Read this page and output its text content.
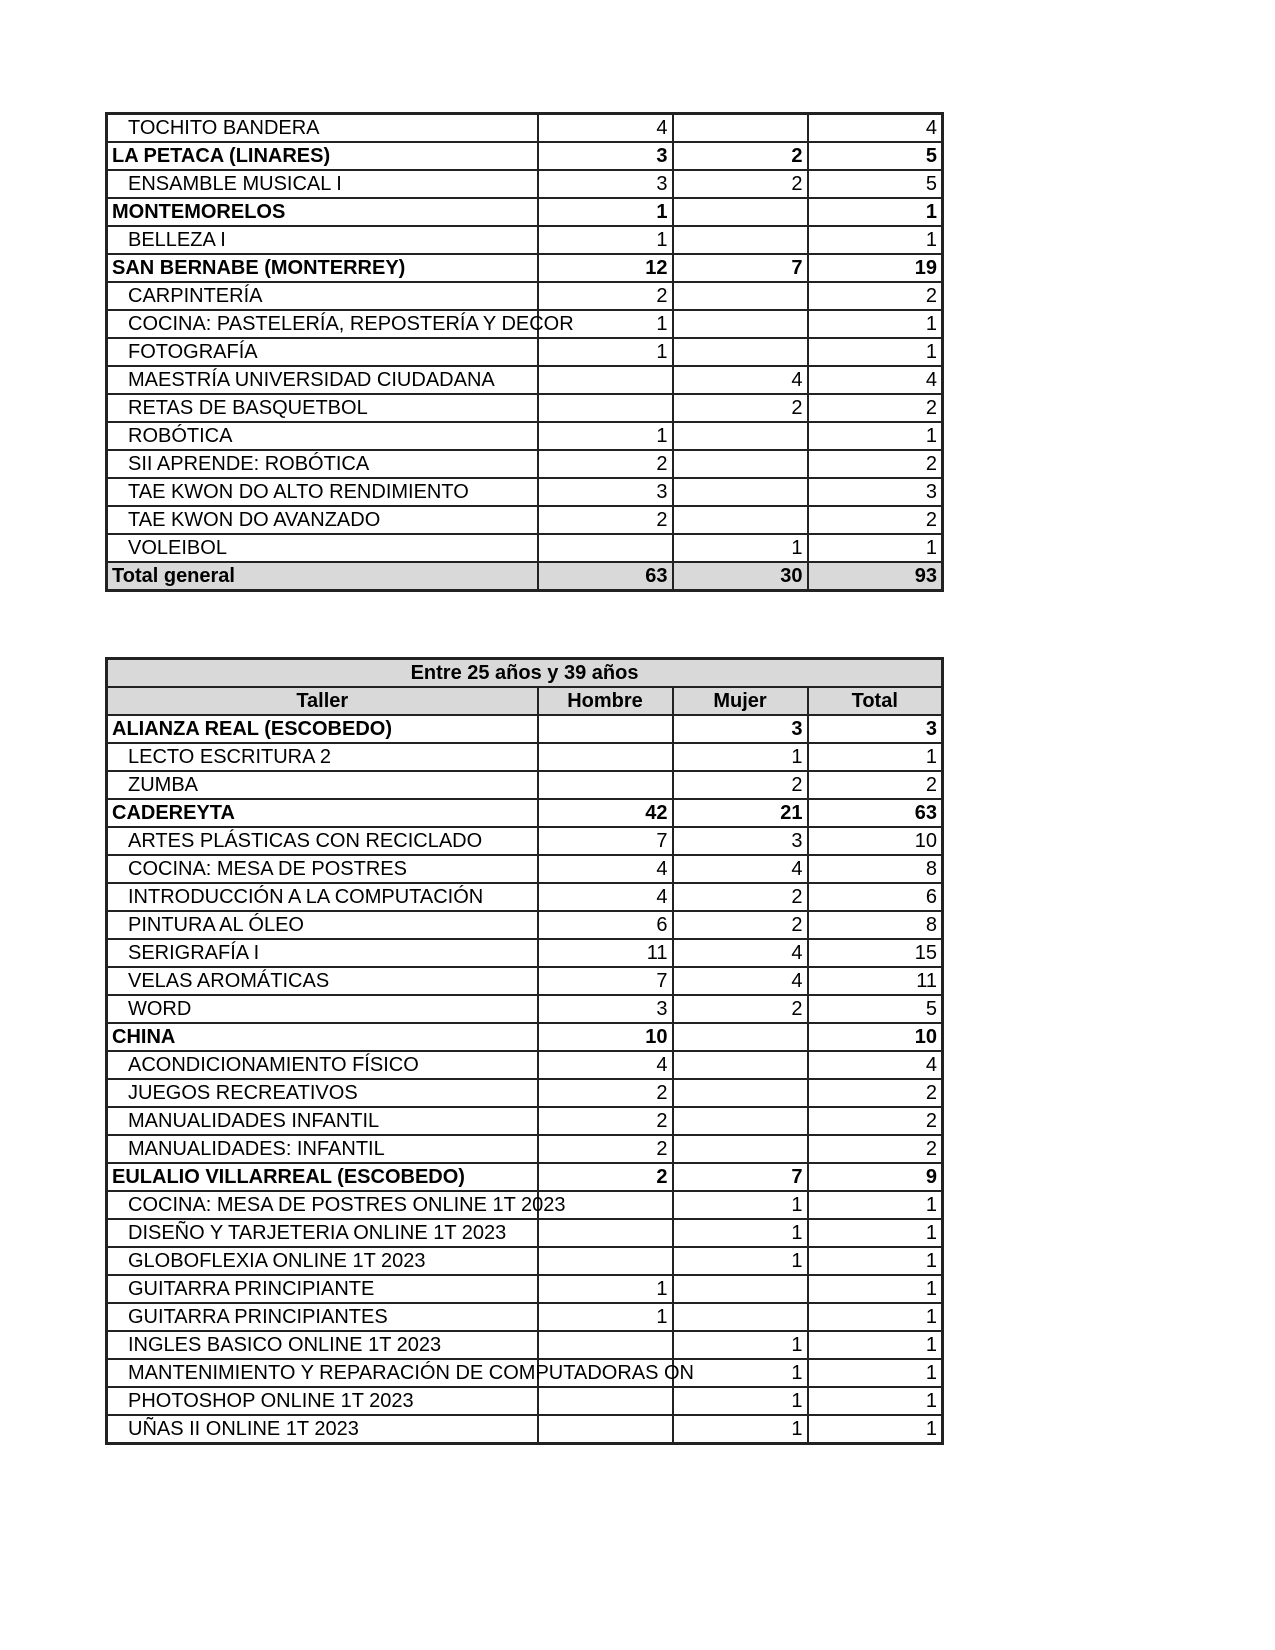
TOCHITO BANDERA	4		4
LA PETACA (LINARES)	3	2	5
ENSAMBLE MUSICAL I	3	2	5
MONTEMORELOS	1		1
BELLEZA I	1		1
SAN BERNABE (MONTERREY)	12	7	19
CARPINTERÍA	2		2
COCINA: PASTELERÍA, REPOSTERÍA Y DECOR	1		1
FOTOGRAFÍA	1		1
MAESTRÍA UNIVERSIDAD CIUDADANA		4	4
RETAS DE BASQUETBOL		2	2
ROBÓTICA	1		1
SII APRENDE: ROBÓTICA	2		2
TAE KWON DO ALTO RENDIMIENTO	3		3
TAE KWON DO AVANZADO	2		2
VOLEIBOL		1	1
Total general	63	30	93
Entre 25 años y 39 años			
Taller	Hombre	Mujer	Total
ALIANZA REAL (ESCOBEDO)		3	3
LECTO ESCRITURA 2		1	1
ZUMBA		2	2
CADEREYTA	42	21	63
ARTES PLÁSTICAS CON RECICLADO	7	3	10
COCINA: MESA DE POSTRES	4	4	8
INTRODUCCIÓN A LA COMPUTACIÓN	4	2	6
PINTURA AL ÓLEO	6	2	8
SERIGRAFÍA I	11	4	15
VELAS AROMÁTICAS	7	4	11
WORD	3	2	5
CHINA	10		10
ACONDICIONAMIENTO FÍSICO	4		4
JUEGOS RECREATIVOS	2		2
MANUALIDADES INFANTIL	2		2
MANUALIDADES: INFANTIL	2		2
EULALIO VILLARREAL (ESCOBEDO)	2	7	9
COCINA: MESA DE POSTRES ONLINE 1T 2023		1	1
DISEÑO Y TARJETERIA ONLINE 1T 2023		1	1
GLOBOFLEXIA ONLINE 1T 2023		1	1
GUITARRA PRINCIPIANTE	1		1
GUITARRA PRINCIPIANTES	1		1
INGLES BASICO ONLINE 1T 2023		1	1
MANTENIMIENTO Y REPARACIÓN DE COMPUTADORAS ON		1	1
PHOTOSHOP ONLINE 1T 2023		1	1
UÑAS II ONLINE 1T 2023		1	1
